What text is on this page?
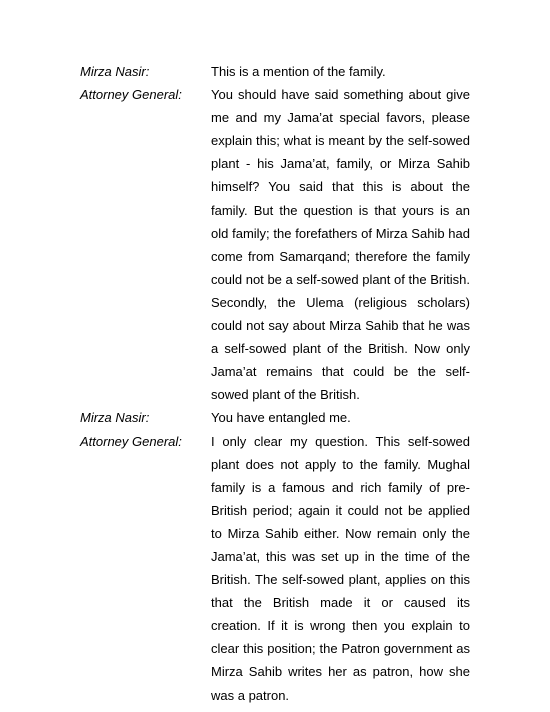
Mirza Nasir:	This is a mention of the family.

Attorney General:	You should have said something about give me and my Jama’at special favors, please explain this; what is meant by the self-sowed plant - his Jama’at, family, or Mirza Sahib himself? You said that this is about the family. But the question is that yours is an old family; the forefathers of Mirza Sahib had come from Samarqand; therefore the family could not be a self-sowed plant of the British. Secondly, the Ulema (religious scholars) could not say about Mirza Sahib that he was a self-sowed plant of the British. Now only Jama’at remains that could be the self-sowed plant of the British.

Mirza Nasir:	You have entangled me.

Attorney General:	I only clear my question. This self-sowed plant does not apply to the family. Mughal family is a famous and rich family of pre-British period; again it could not be applied to Mirza Sahib either. Now remain only the Jama’at, this was set up in the time of the British. The self-sowed plant, applies on this that the British made it or caused its creation. If it is wrong then you explain to clear this position; the Patron government as Mirza Sahib writes her as patron, how she was a patron.
